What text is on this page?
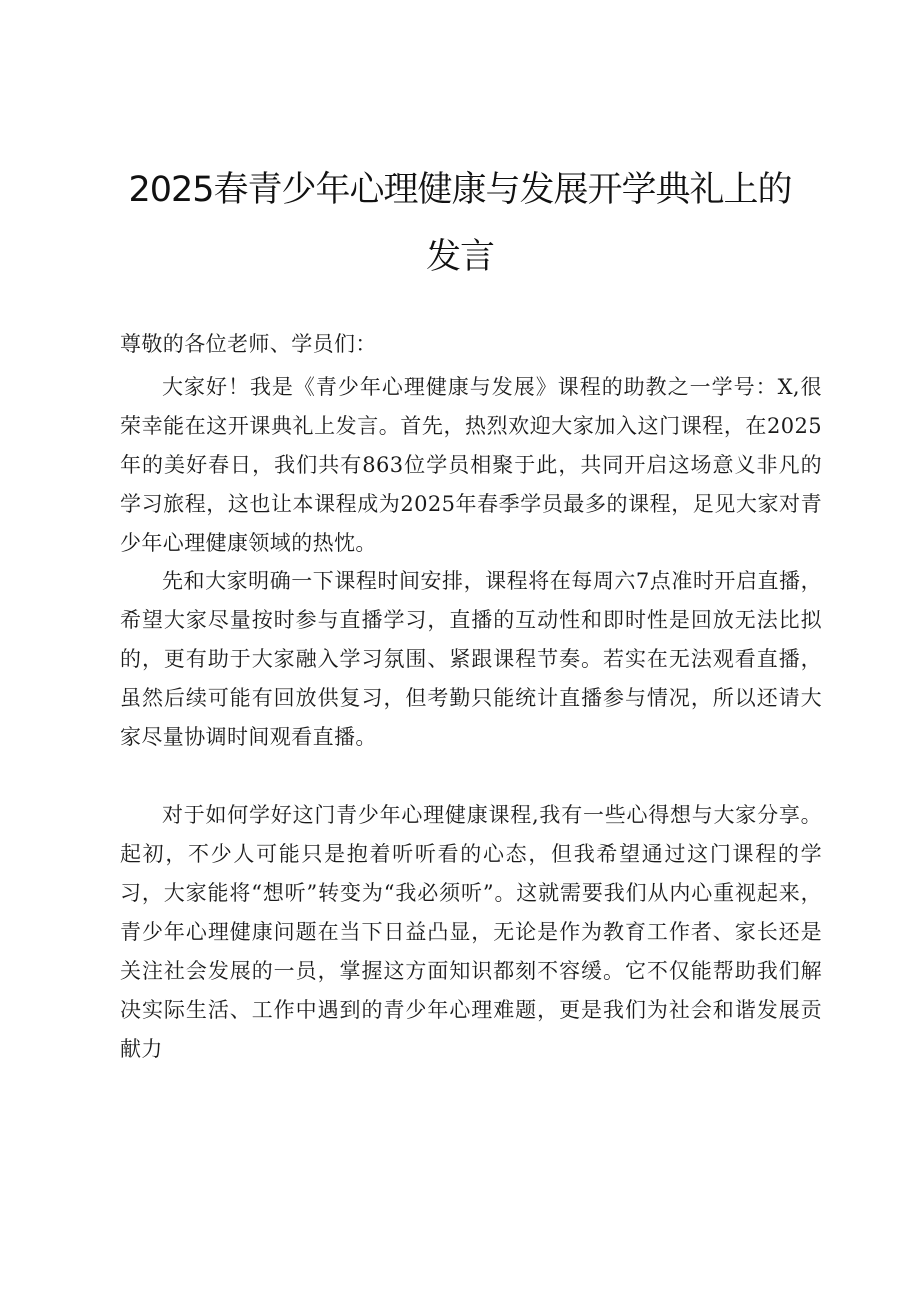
2025春青少年心理健康与发展开学典礼上的
发言
尊敬的各位老师、学员们：

大家好！我是《青少年心理健康与发展》课程的助教之一学号：X,很荣幸能在这开课典礼上发言。首先，热烈欢迎大家加入这门课程，在2025年的美好春日，我们共有863位学员相聚于此，共同开启这场意义非凡的学习旅程，这也让本课程成为2025年春季学员最多的课程，足见大家对青少年心理健康领域的热忱。

先和大家明确一下课程时间安排，课程将在每周六7点准时开启直播，希望大家尽量按时参与直播学习，直播的互动性和即时性是回放无法比拟的，更有助于大家融入学习氛围、紧跟课程节奏。若实在无法观看直播，虽然后续可能有回放供复习，但考勤只能统计直播参与情况，所以还请大家尽量协调时间观看直播。

对于如何学好这门青少年心理健康课程,我有一些心得想与大家分享。起初，不少人可能只是抱着听听看的心态，但我希望通过这门课程的学习，大家能将“想听”转变为“我必须听”。这就需要我们从内心重视起来，青少年心理健康问题在当下日益凸显，无论是作为教育工作者、家长还是关注社会发展的一员，掌握这方面知识都刻不容缓。它不仅能帮助我们解决实际生活、工作中遇到的青少年心理难题，更是我们为社会和谐发展贡献力
